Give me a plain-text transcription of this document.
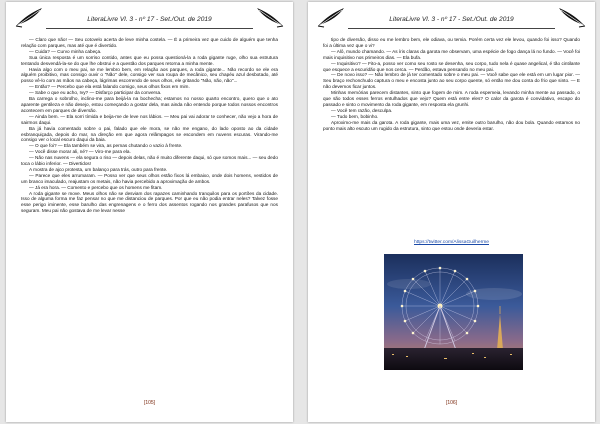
LiteraLivre Vl. 3 - nº 17 - Set./Out. de 2019

— Claro que não! — Seu cotovelo acerta de leve minha costela. — É a primeira vez que cuido de alguém que tenha relação com parques, mas até que é divertido.

— Cuida? — Curvo minha cabeça.

Sua única resposta é um sorriso contido, antes que eu possa questioná-la a roda gigante ruge, olho sua estrutura tentando desvendá-la-se do que lhe obstrui e a questão dos parques retorna a minha mente.

Havia algo com o meu pai, se me lembro bem, em relação aos parques, a roda gigante... Não recordo se ele era alguém proibitivo, mas consigo ouvir o "Não" dele, consigo ver sua roupa de mecânico, seu chapéu azul desbotado, até posso vê-lo com as mãos na cabeça, lágrimas escorrendo de seus olhos, ele gritando "Não, não, não"...

— Então? — Percebo que ela está falando comigo, seus olhos fixos em mim.

— Sabe o que eu acho, Ivy? — Disfarço participar da conversa.

Ba carrega o sobrolho, inclino-me para beijá-la na bochecha; estamos no nosso quarto encontro, quero que o ato aparente gentileza e não desejo, estou começando a gostar dela, mas ainda não entendo porque todos nossos encontros acontecem em parques de diversão.

— Ainda bem. — Ela sorri tímida e beija-me de leve nos lábios. — Meu pai vai adorar te conhecer, não vejo a hora de sairmos daqui.

Ba já havia comentado sobre o pai, falado que ele mora, se não me engano, do lado oposto ao da cidade esbranquiçada, depois do mar, na direção em que agora relâmpagos se escondem em nuvens escuras. Virando-me consigo ver o local escuro daqui da baia.

— O que foi? — Ela também se vira, as pernas chutando o vazio à frente.

— Você disse morar ali, né? — Viro-me para ela.

— Não nas nuvens — ela segura o riso — depois delas, não é muito diferente daqui, só que somos mais... — seu dedo toca o lábio inferior. — Divertidos!

A mostra de ajco protesta, um balanço para trás, outro para frente.

— Parece que eles arrumaram. — Posso ver que seus olhos estão fixos lá embaixo, onde dois homens, vestidos de um branco imaculado, reajustam os metais, não havia percebido a aproximação de ambos.

— Já era hora. — Comento e percebo que os homens me fitam.

A roda gigante se move. Meus olhos não se desviam dos rapazes caminhando tranquilos para os portões da cidade. Isso de alguma forma me faz pensar no que me distanciou de parques. Por que eu não podia entrar neles? Talvez fosse esse perigo iminente, esse barulho das engrenagens e o ferro dos assentos rogando nos grandes parafusos que nos seguram. Meu pai não gostava de me levar nesse

[105]
LiteraLivre Vl. 3 - nº 17 - Set./Out. de 2019

tipo de diversão, disso eu me lembro bem, ele odiava, ou temia. Porém certa vez ele levou, quando foi isso? Quando foi a última vez que o vi?

— Alô, mundo chamando. — As íris claras da garota me observam, uma espécie de fogo dança lá no fundo. — Você foi mais inquisitivo nos primeiros dias. — Ela bufa.

— Inquisitivo? — Fito-a, posso ver como seu rosto se desenha, seu corpo, tudo nela é quase angelical, é tão cintilante que esquece a escuridão que nos cerca. — Perdão, estava pensando no meu pai.

— De novo isso? — Não lembro de já ter comentado sobre o meu pai. — Você sabe que ele está em um lugar pior. — Seu braço rechonchudo captura o meu e encosta junto ao seu corpo quente, só então me dou conta do frio que sinto. — E não devemos ficar juntos.

Minhas memórias parecem distantes, sinto que fogem de mim. A roda espemeia, levando minha mente ao passado, o que são todos esses ferros entulhados que vejo? Quem está entre eles? O calor da garota é convidativo, escapo do passado e sinto o movimento da roda gigante, em resposta ela grunhi.

— Você tem razão, desculpa.

— Tudo bem, bobinho.

Aproximo-me mais da garota. A roda gigante, mais uma vez, emite outro barulho, não dou bola. Quando estamos no ponto mais alto escuto um rugido da estrutura, sinto que estou onde deveria estar.

https://twitter.com/AlissaGuilherme
[106]
